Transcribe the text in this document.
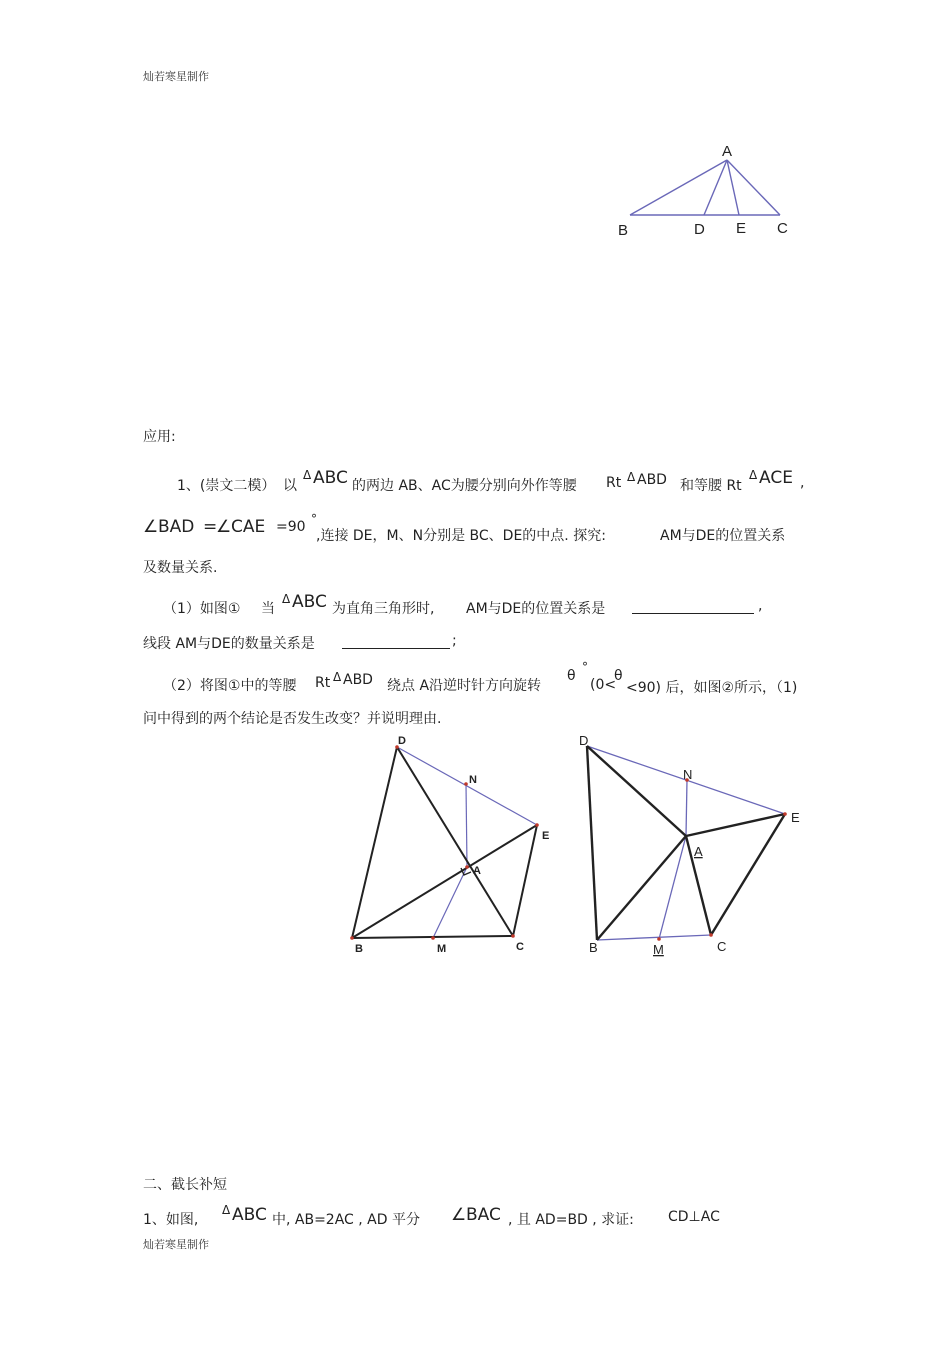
灿若寒星制作
灿若寒星制作
A
B	D E C
应用:
1、(崇文二模） 以
Δ ABC 的两边 AB、AC为腰分别向外作等腰 Rt Δ ABD 和等腰 Rt
Δ ACE ,
∠ BAD =
∠ CAE =90 °
,连接 DE，M、N分别是 BC、DE的中点. 探究:	AM与DE的位置关系
及数量关系.
（1）如图① 当
Δ ABC 为直角三角形时, AM与DE的位置关系是	,
线段 AM与DE的数量关系是	;
（2）将图①中的等腰 Rt Δ ABD 绕点 A沿逆时针方向旋转
θ
°
(0<
θ
<90) 后，如图②所示，（1)
问中得到的两个结论是否发生改变？并说明理由.
D
N
E
A
B	M	C
D
N
E
A
B	M	C
二、截长补短
1、如图,
Δ ABC 中, AB=2AC , AD 平分 ∠ BAC , 且 AD=BD , 求证: CD⊥AC
